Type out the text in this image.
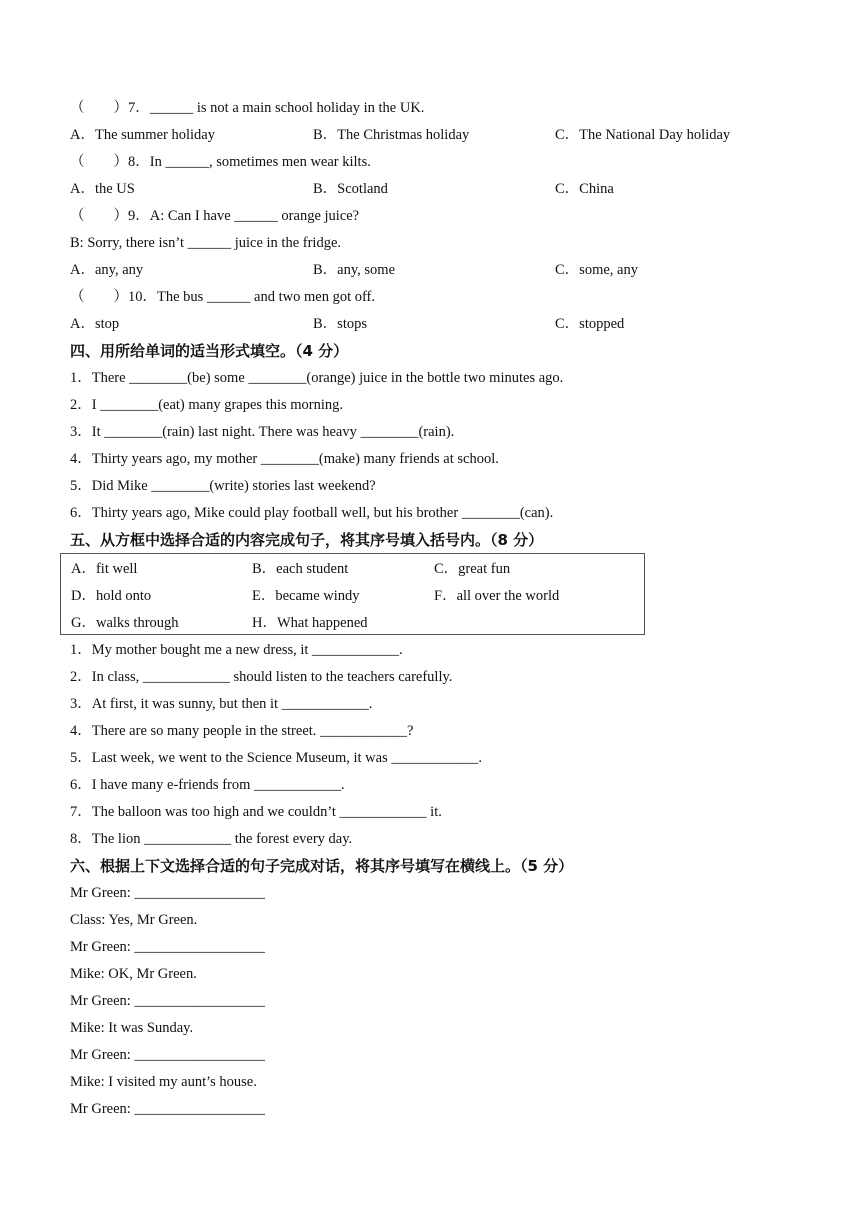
（　　）7．______ is not a main school holiday in the UK.
A．The summer holiday	B．The Christmas holiday	C．The National Day holiday
（　　）8．In ______, sometimes men wear kilts.
A．the US	B．Scotland	C．China
（　　）9．A: Can I have ______ orange juice?
B: Sorry, there isn’t ______ juice in the fridge.
A．any, any	B．any, some	C．some, any
（　　）10．The bus ______ and two men got off.
A．stop	B．stops	C．stopped
四、用所给单词的适当形式填空。（4 分）
1．There ________(be) some ________(orange) juice in the bottle two minutes ago.
2．I ________(eat) many grapes this morning.
3．It ________(rain) last night. There was heavy ________(rain).
4．Thirty years ago, my mother ________(make) many friends at school.
5．Did Mike ________(write) stories last weekend?
6．Thirty years ago, Mike could play football well, but his brother ________(can).
五、从方框中选择合适的内容完成句子，将其序号填入括号内。（8 分）
A．fit well	B．each student	C．great fun
D．hold onto	E．became windy	F．all over the world
G．walks through	H．What happened
1．My mother bought me a new dress, it ____________.
2．In class, ____________ should listen to the teachers carefully.
3．At first, it was sunny, but then it ____________.
4．There are so many people in the street. ____________?
5．Last week, we went to the Science Museum, it was ____________.
6．I have many e-friends from ____________.
7．The balloon was too high and we couldn’t ____________ it.
8．The lion ____________ the forest every day.
六、根据上下文选择合适的句子完成对话，将其序号填写在横线上。（5 分）
Mr Green: __________________
Class: Yes, Mr Green.
Mr Green: __________________
Mike: OK, Mr Green.
Mr Green: __________________
Mike: It was Sunday.
Mr Green: __________________
Mike: I visited my aunt’s house.
Mr Green: __________________
